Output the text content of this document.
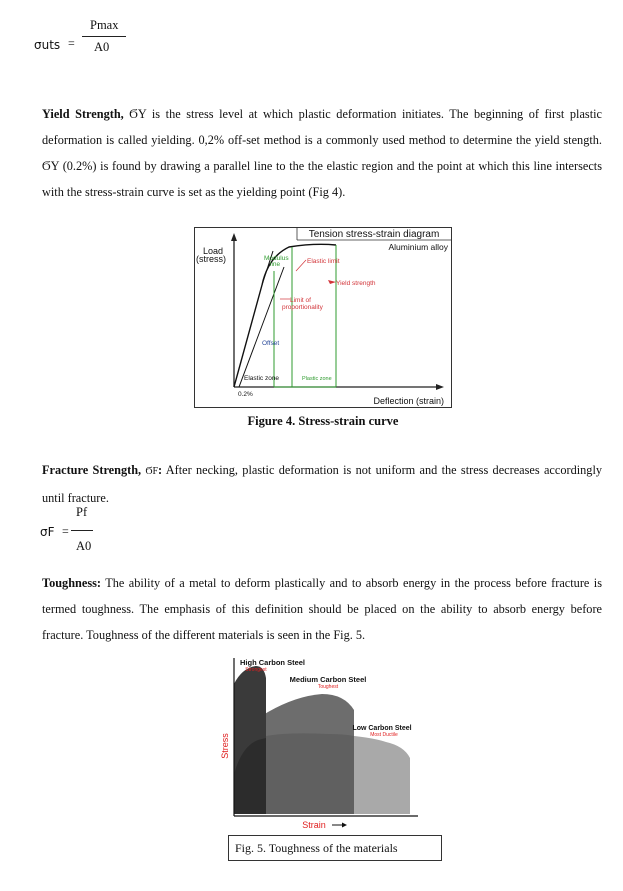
Pmax
σuts = A0
Yield Strength, ϬY is the stress level at which plastic deformation initiates. The beginning of first plastic deformation is called yielding. 0,2% off-set method is a commonly used method to determine the yield stength. ϬY (0.2%) is found by drawing a parallel line to the the elastic region and the point at which this line intersects with the stress-strain curve is set as the yielding point (Fig 4).
Tension stress-strain diagram
Aluminium alloy
Load
(stress)	Modulus
line	Elastic limit
Yield strength
Limit of
proportionality
Offset
Elastic zone	Plastic zone
0.2%
Deflection (strain)
Figure 4. Stress-strain curve
Fracture Strength, ϬF: After necking, plastic deformation is not uniform and the stress decreases accordingly until fracture.
Pf
σF =
A0
Toughness: The ability of a metal to deform plastically and to absorb energy in the process before fracture is termed toughness. The emphasis of this definition should be placed on the ability to absorb energy before fracture. Toughness of the different materials is seen in the Fig. 5.
High Carbon Steel
Strongest
Medium Carbon Steel
Toughest
Low Carbon Steel
Most Ductile
Stress
Strain
Fig. 5. Toughness of the materials
